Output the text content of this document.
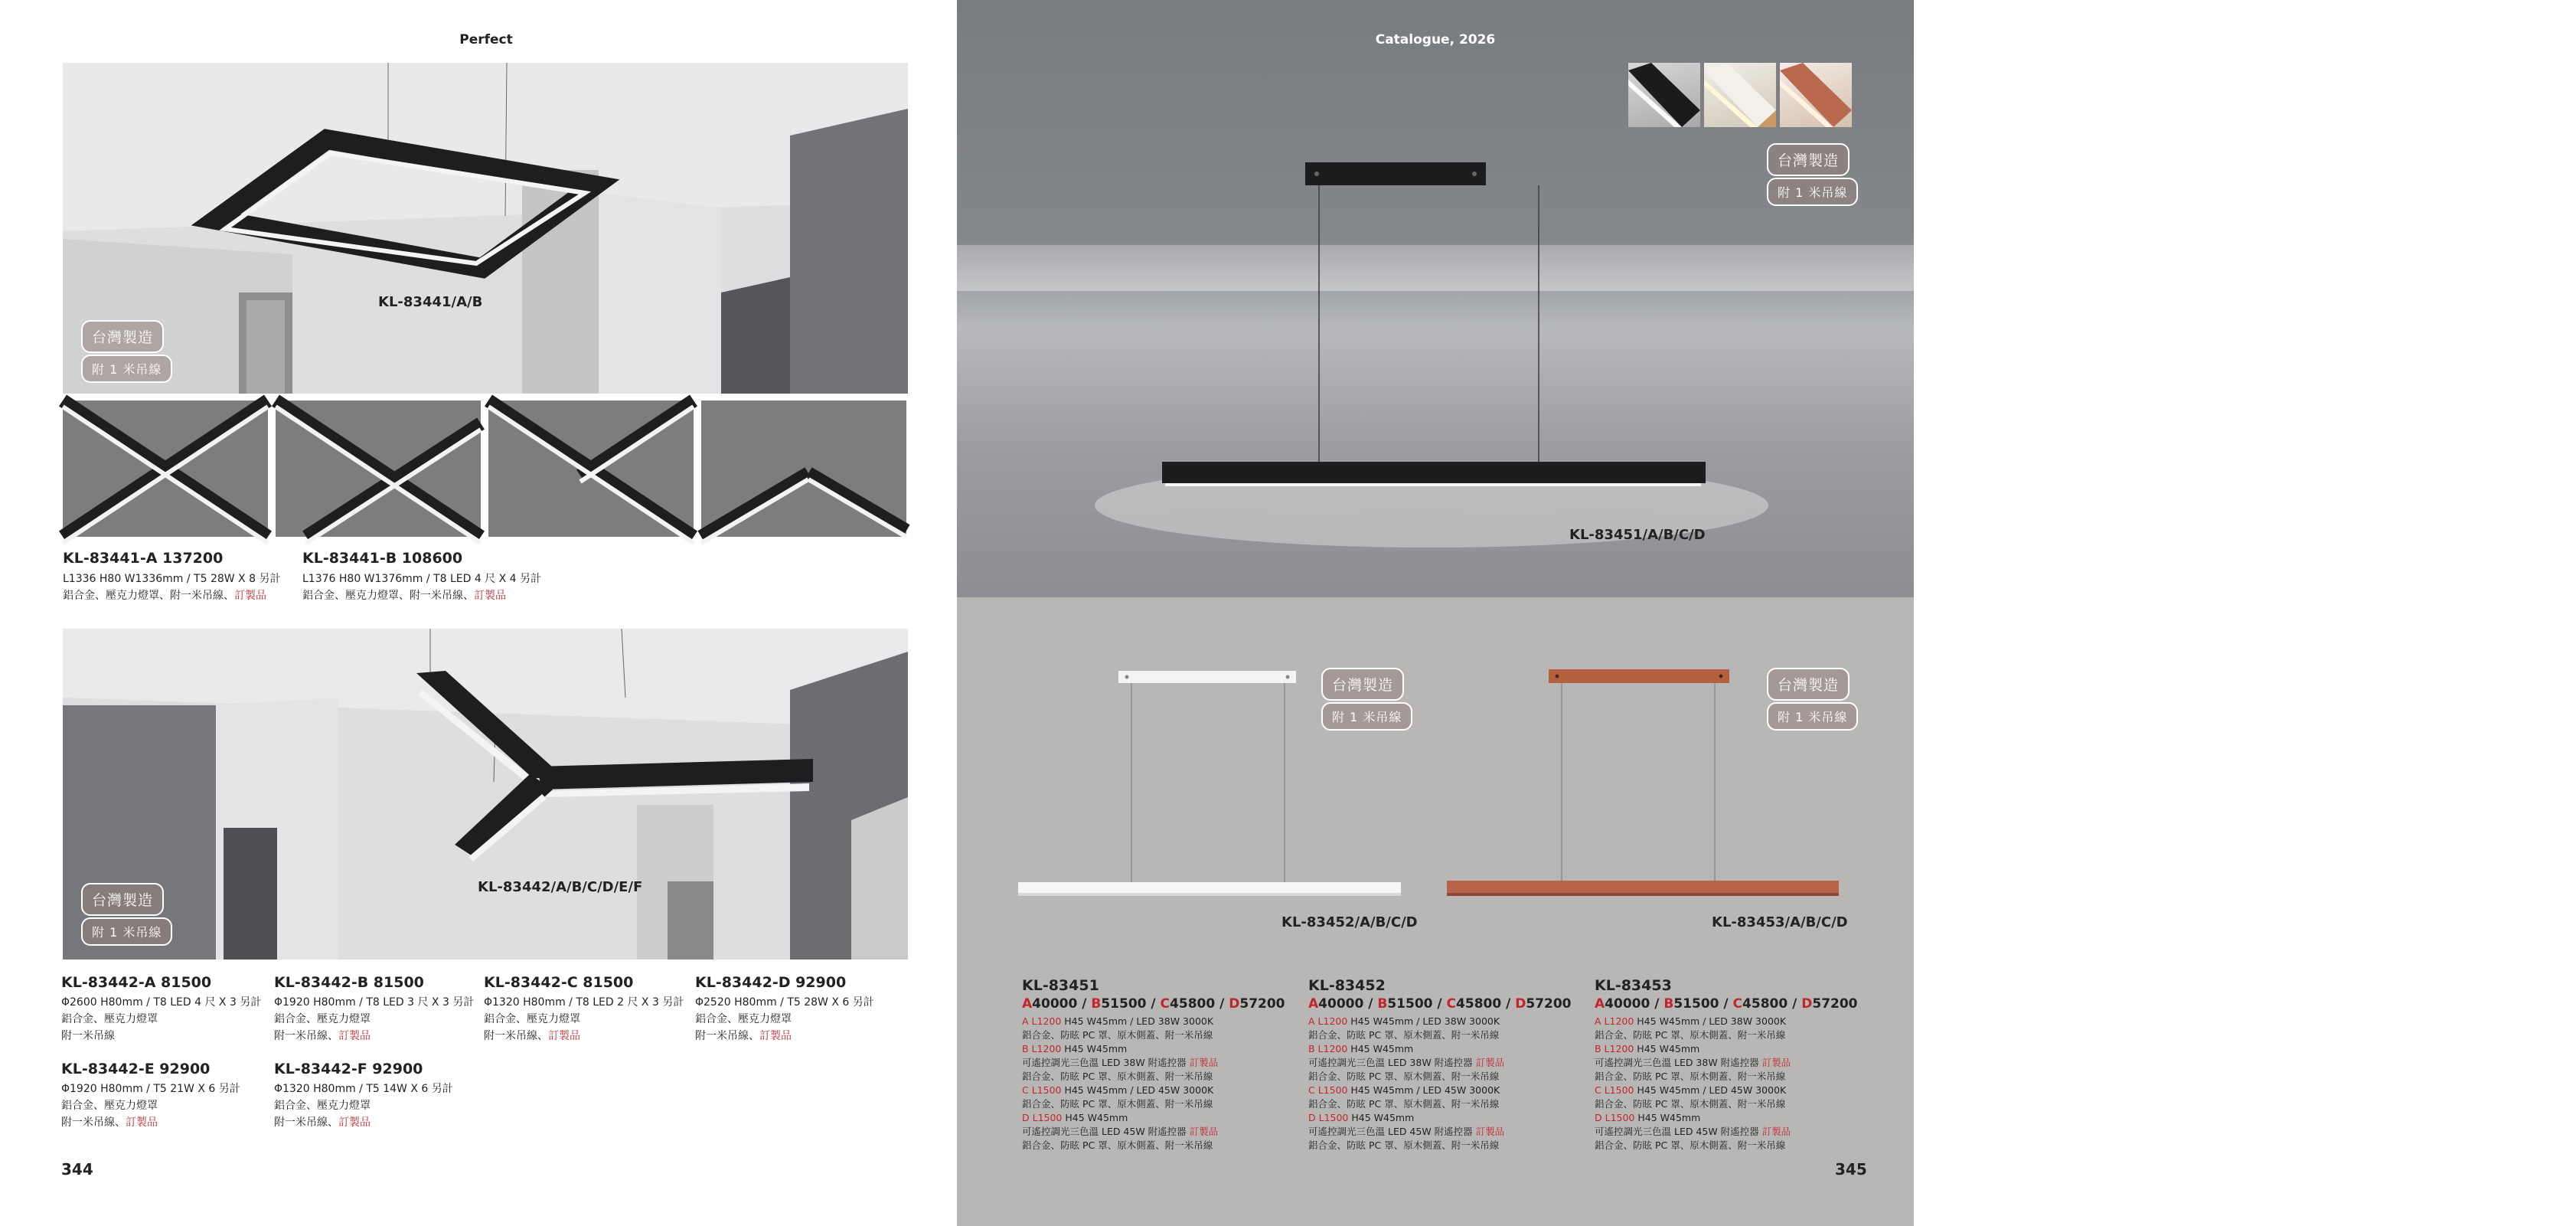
Perfect
KL-83441/A/B
台灣製造
附 1 米吊線
KL-83441-A 137200
L1336 H80 W1336mm / T5 28W X 8 另計
鋁合金、壓克力燈罩、附一米吊線、訂製品
KL-83441-B 108600
L1376 H80 W1376mm / T8 LED 4 尺 X 4 另計
鋁合金、壓克力燈罩、附一米吊線、訂製品
KL-83442/A/B/C/D/E/F
台灣製造
附 1 米吊線
KL-83442-A 81500
Φ2600 H80mm / T8 LED 4 尺 X 3 另計
鋁合金、壓克力燈罩
附一米吊線
KL-83442-B 81500
Φ1920 H80mm / T8 LED 3 尺 X 3 另計
鋁合金、壓克力燈罩
附一米吊線、訂製品
KL-83442-C 81500
Φ1320 H80mm / T8 LED 2 尺 X 3 另計
鋁合金、壓克力燈罩
附一米吊線、訂製品
KL-83442-D 92900
Φ2520 H80mm / T5 28W X 6 另計
鋁合金、壓克力燈罩
附一米吊線、訂製品
KL-83442-E 92900
Φ1920 H80mm / T5 21W X 6 另計
鋁合金、壓克力燈罩
附一米吊線、訂製品
KL-83442-F 92900
Φ1320 H80mm / T5 14W X 6 另計
鋁合金、壓克力燈罩
附一米吊線、訂製品
344
Catalogue, 2026
AT THE BEGINNING OF EVERY DESIGN, WE DON`T ASK WHAT THE LIGHT SHOULD ILLUMINATE—WE ASK HOW IT SHOULD RESONATE WITH THE SPACE.LIGHTING IS MORE THAN BRIGHTNESS. IT SHAPES THE IDENTITY OF A ROOM, SETS THE MOOD, AND BECOMES THE SILENT RHYTHM OF DAILY LIFE.AT PENG LUN, MINIMALISM IS NOT A TREND—IT IS A PHILOSOPHY OF PRESENCE. WE DESIGN LIGHTING THAT SPEAKS THROUGH PROPORTION, TEXTURE, AND STRUCTURE, WHERE FORM RECEDES SO THAT LIGHT CAN BREATHE.WHETHER IT`S A LINEAR PENDANT SUSPENDED ABOVE THE DINING TABLE OR A QUIET FLOOR LAMP RESTING IN THE CORNER, EACH FIXTURE IS CRAFTED TO COEXIST—NOT DOMINATE. THE GLOW IT CASTS, FILTERED THROUGH ACRYLIC, GLASS, METAL, OR WOOD, BRINGS CLARITY TO SPACE AND SUBTLE EMOTION TO THE MOMENT.WE DON`T JUST CREATE LAMPS—WE CRAFT LUMINOUS COMPANIONS FOR THE SPACES WE INHABIT.
台灣製造
附 1 米吊線
KL-83451/A/B/C/D
台灣製造
附 1 米吊線
KL-83452/A/B/C/D
台灣製造
附 1 米吊線
KL-83453/A/B/C/D
KL-83451
A40000 / B51500 / C45800 / D57200
A L1200 H45 W45mm / LED 38W 3000K
鋁合金、防眩 PC 罩、原木側蓋、附一米吊線
B L1200 H45 W45mm
可遙控調光三色溫 LED 38W 附遙控器 訂製品
鋁合金、防眩 PC 罩、原木側蓋、附一米吊線
C L1500 H45 W45mm / LED 45W 3000K
鋁合金、防眩 PC 罩、原木側蓋、附一米吊線
D L1500 H45 W45mm
可遙控調光三色溫 LED 45W 附遙控器 訂製品
鋁合金、防眩 PC 罩、原木側蓋、附一米吊線
KL-83452
A40000 / B51500 / C45800 / D57200
A L1200 H45 W45mm / LED 38W 3000K
鋁合金、防眩 PC 罩、原木側蓋、附一米吊線
B L1200 H45 W45mm
可遙控調光三色溫 LED 38W 附遙控器 訂製品
鋁合金、防眩 PC 罩、原木側蓋、附一米吊線
C L1500 H45 W45mm / LED 45W 3000K
鋁合金、防眩 PC 罩、原木側蓋、附一米吊線
D L1500 H45 W45mm
可遙控調光三色溫 LED 45W 附遙控器 訂製品
鋁合金、防眩 PC 罩、原木側蓋、附一米吊線
KL-83453
A40000 / B51500 / C45800 / D57200
A L1200 H45 W45mm / LED 38W 3000K
鋁合金、防眩 PC 罩、原木側蓋、附一米吊線
B L1200 H45 W45mm
可遙控調光三色溫 LED 38W 附遙控器 訂製品
鋁合金、防眩 PC 罩、原木側蓋、附一米吊線
C L1500 H45 W45mm / LED 45W 3000K
鋁合金、防眩 PC 罩、原木側蓋、附一米吊線
D L1500 H45 W45mm
可遙控調光三色溫 LED 45W 附遙控器 訂製品
鋁合金、防眩 PC 罩、原木側蓋、附一米吊線
345
